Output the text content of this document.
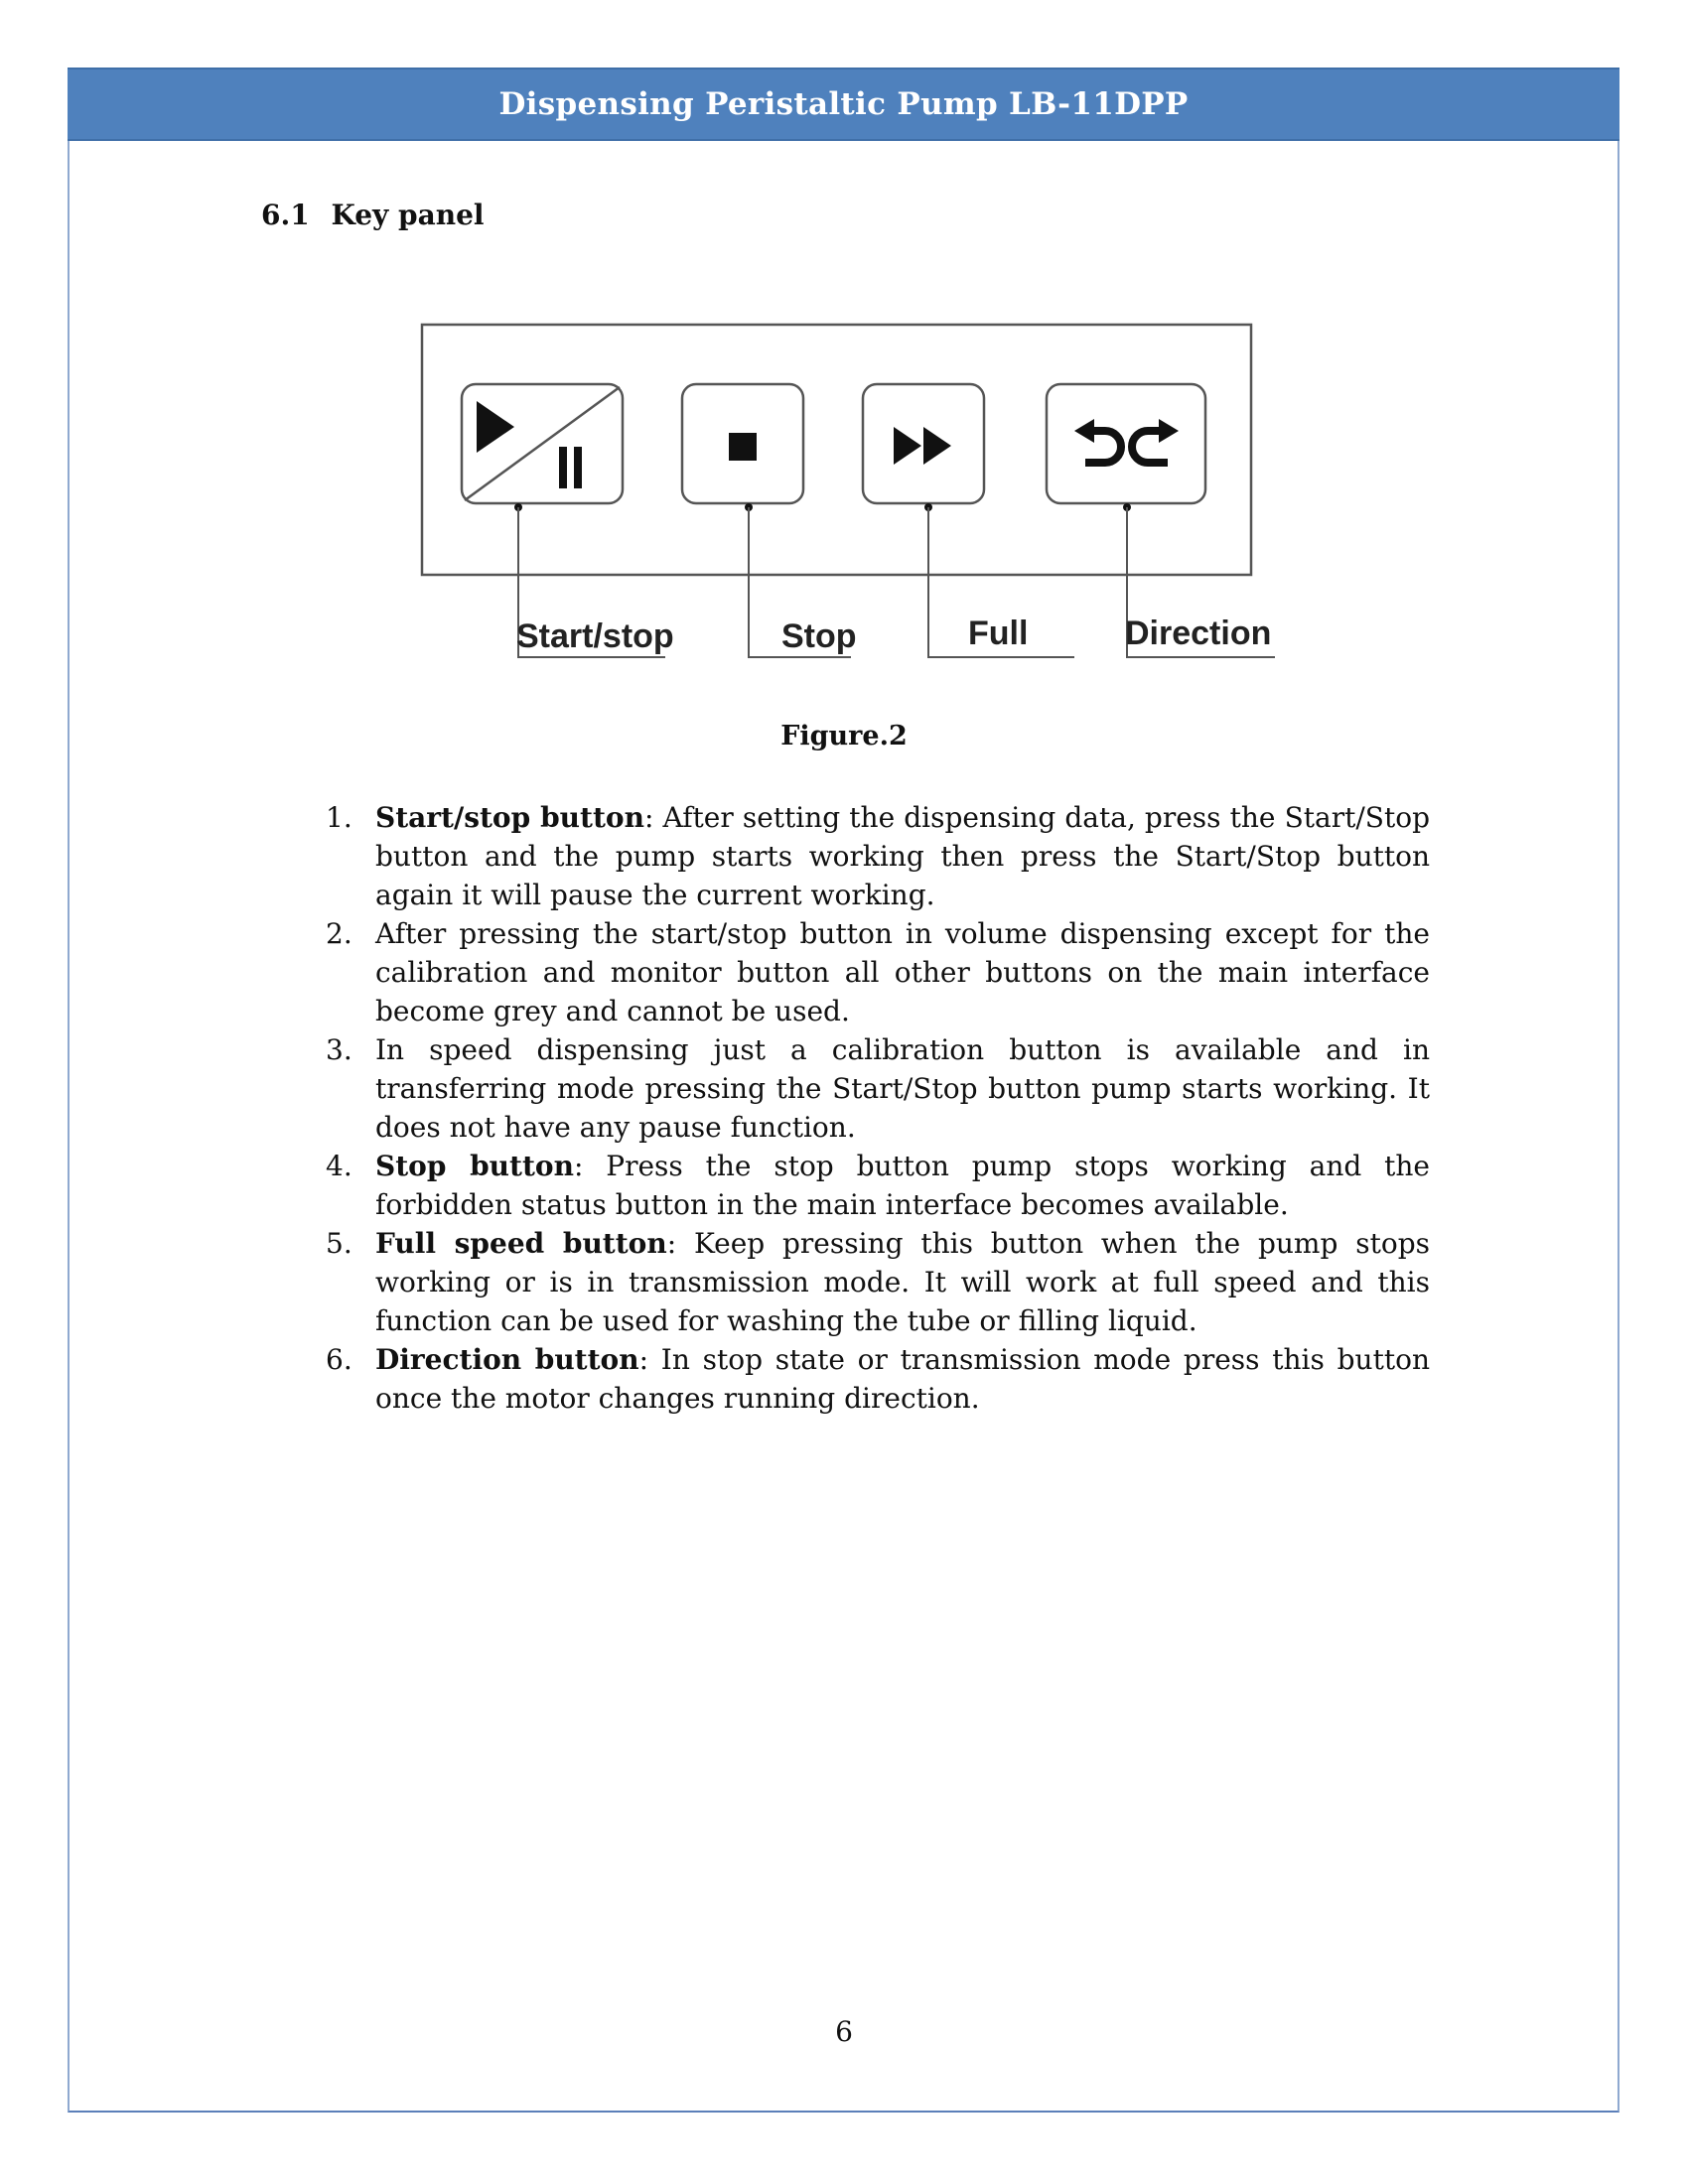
Dispensing Peristaltic Pump LB-11DPP
6.1 Key panel
Start/stop	Stop	Full	Direction
Figure.2
1. Start/stop button: After setting the dispensing data, press the Start/Stop button and the pump starts working then press the Start/Stop button again it will pause the current working.
2. After pressing the start/stop button in volume dispensing except for the calibration and monitor button all other buttons on the main interface become grey and cannot be used.
3. In speed dispensing just a calibration button is available and in transferring mode pressing the Start/Stop button pump starts working. It does not have any pause function.
4. Stop button: Press the stop button pump stops working and the forbidden status button in the main interface becomes available.
5. Full speed button: Keep pressing this button when the pump stops working or is in transmission mode. It will work at full speed and this function can be used for washing the tube or filling liquid.
6. Direction button: In stop state or transmission mode press this button once the motor changes running direction.
6
